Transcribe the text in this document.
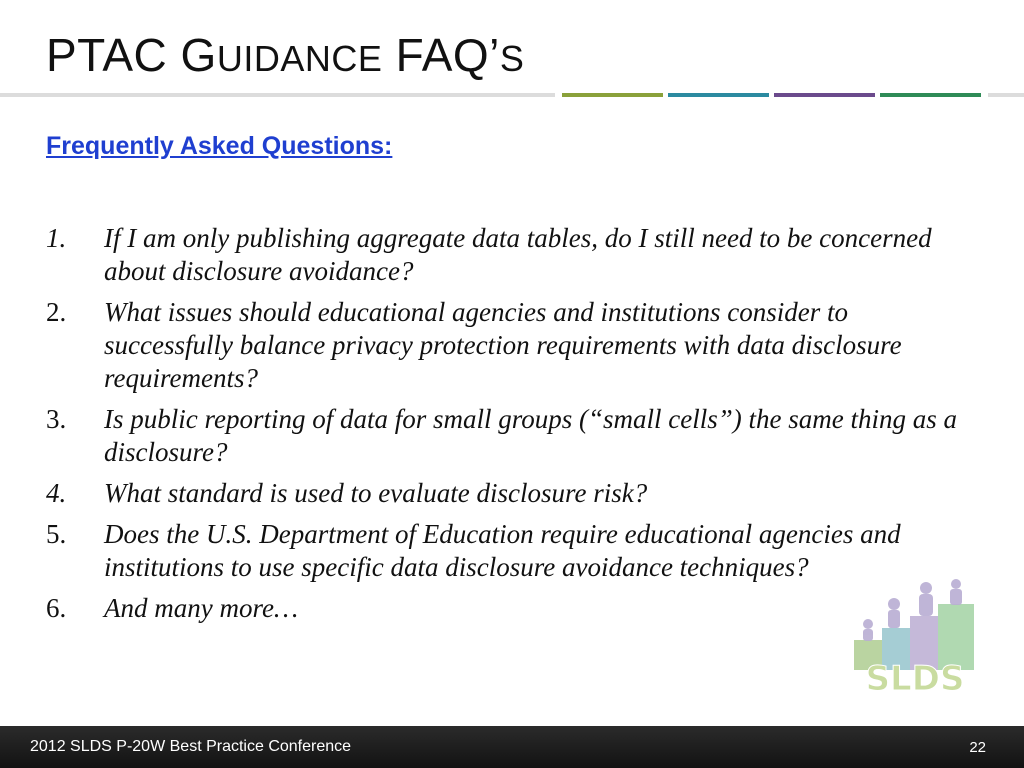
PTAC GUIDANCE FAQ’S
Frequently Asked Questions:
1.	If I am only publishing aggregate data tables, do I still need to be concerned about disclosure avoidance?
2.	What issues should educational agencies and institutions consider to successfully balance privacy protection requirements with data disclosure requirements?
3.	Is public reporting of data for small groups (“small cells”) the same thing as a disclosure?
4.	What standard is used to evaluate disclosure risk?
5.	Does the U.S. Department of Education require educational agencies and institutions to use specific data disclosure avoidance techniques?
6.	And many more…
SLDS
2012 SLDS P-20W Best Practice Conference	22
